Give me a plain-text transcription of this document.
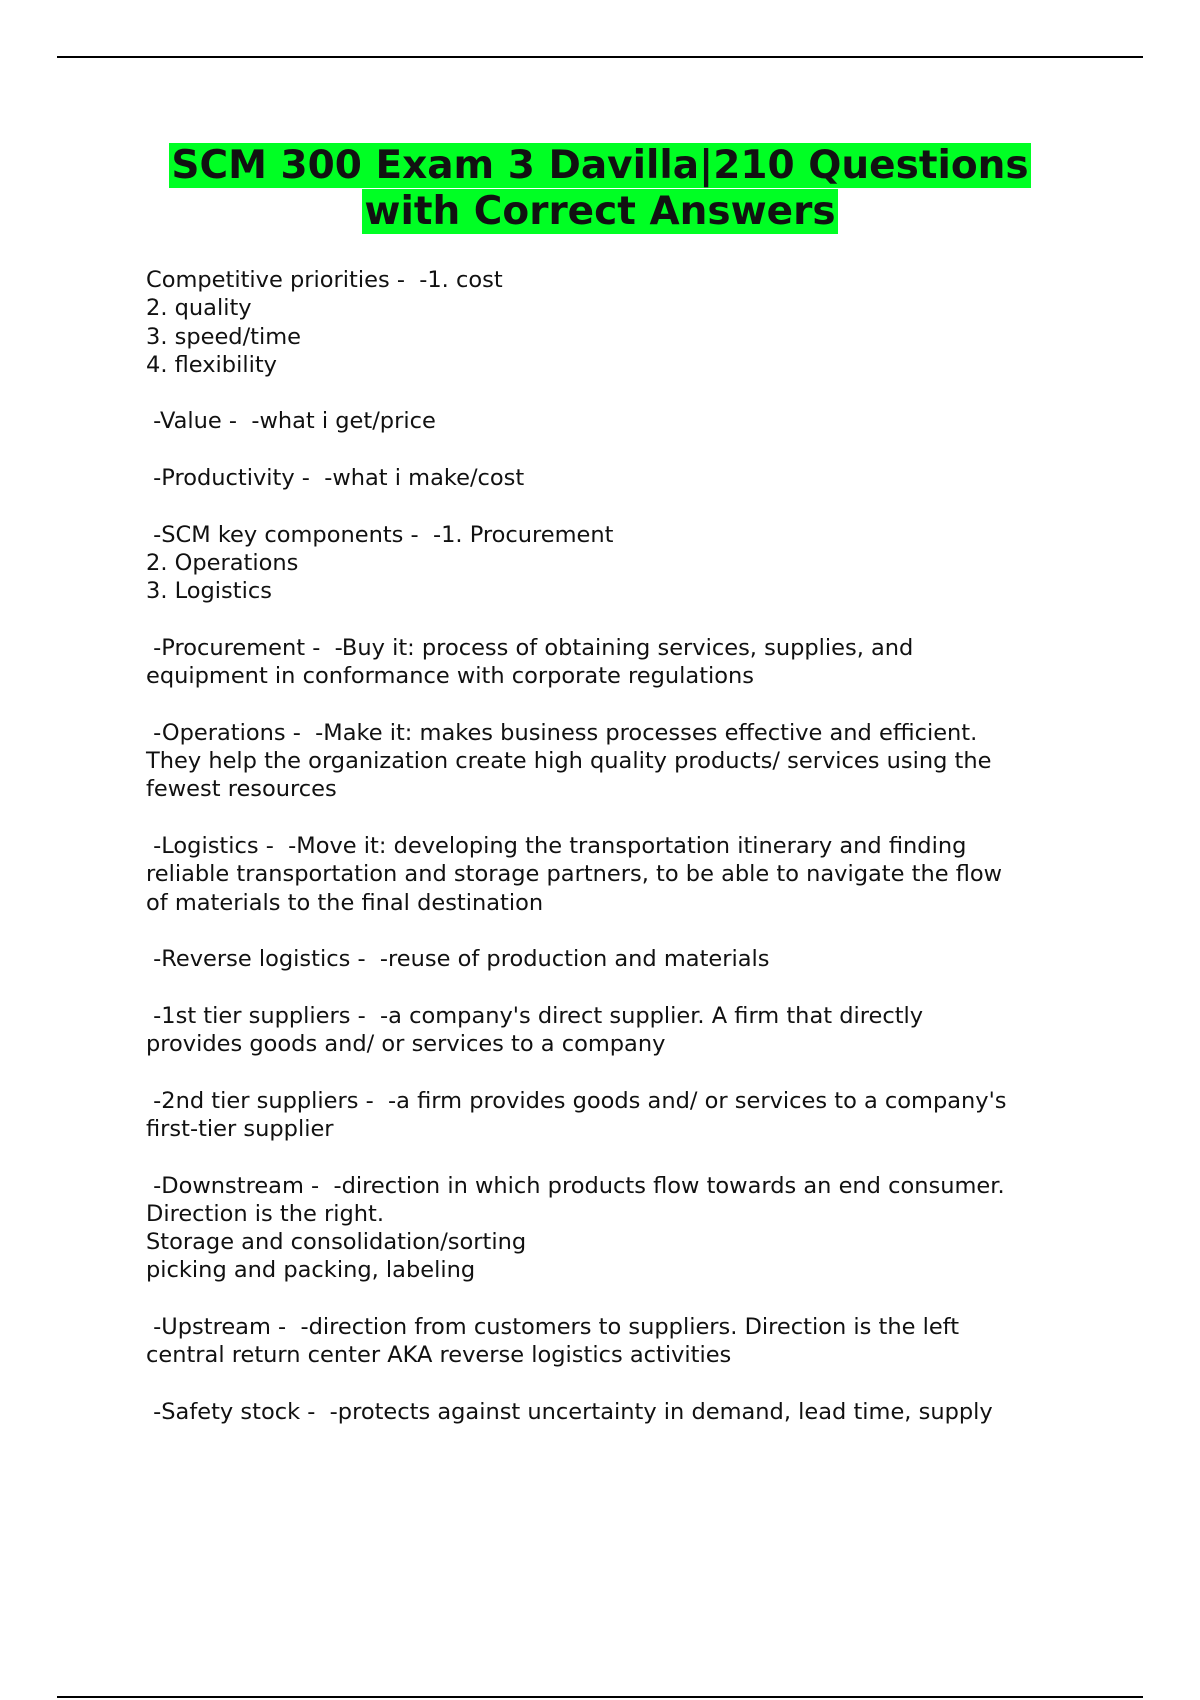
SCM 300 Exam 3 Davilla|210 Questions
with Correct Answers

Competitive priorities -  -1. cost
2. quality
3. speed/time
4. flexibility

-Value -  -what i get/price

-Productivity -  -what i make/cost

-SCM key components -  -1. Procurement
2. Operations
3. Logistics

-Procurement -  -Buy it: process of obtaining services, supplies, and
equipment in conformance with corporate regulations

-Operations -  -Make it: makes business processes effective and efficient.
They help the organization create high quality products/ services using the
fewest resources

-Logistics -  -Move it: developing the transportation itinerary and finding
reliable transportation and storage partners, to be able to navigate the flow
of materials to the final destination

-Reverse logistics -  -reuse of production and materials

-1st tier suppliers -  -a company's direct supplier. A firm that directly
provides goods and/ or services to a company

-2nd tier suppliers -  -a firm provides goods and/ or services to a company's
first-tier supplier

-Downstream -  -direction in which products flow towards an end consumer.
Direction is the right.
Storage and consolidation/sorting
picking and packing, labeling

-Upstream -  -direction from customers to suppliers. Direction is the left
central return center AKA reverse logistics activities

-Safety stock -  -protects against uncertainty in demand, lead time, supply
